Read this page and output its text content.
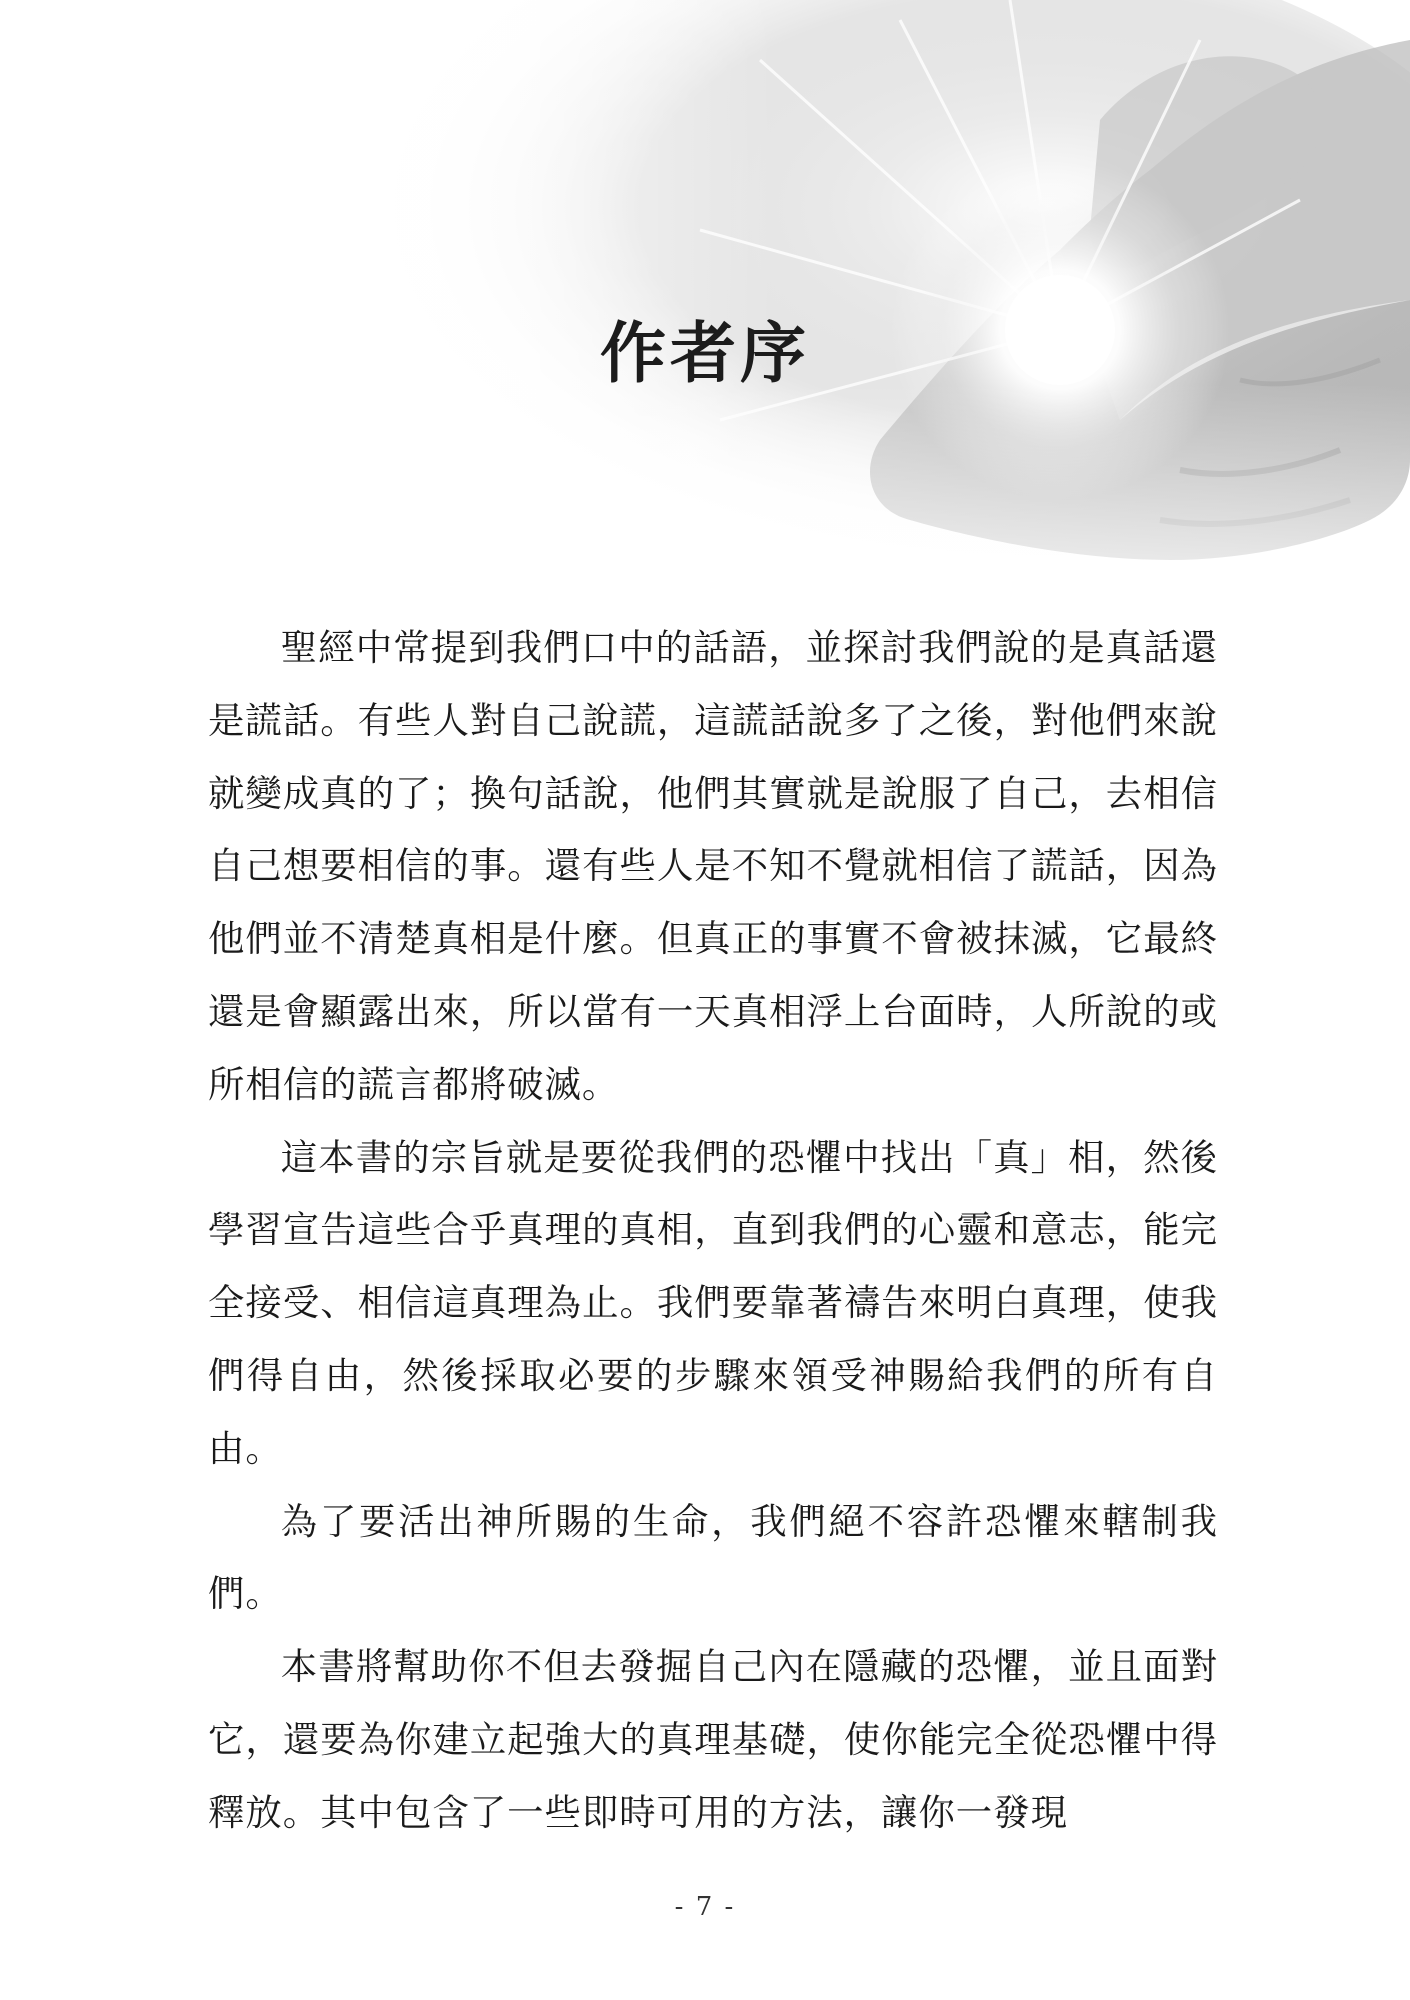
作者序

聖經中常提到我們口中的話語，並探討我們說的是真話還是謊話。有些人對自己說謊，這謊話說多了之後，對他們來說就變成真的了；換句話說，他們其實就是說服了自己，去相信自己想要相信的事。還有些人是不知不覺就相信了謊話，因為他們並不清楚真相是什麼。但真正的事實不會被抹滅，它最終還是會顯露出來，所以當有一天真相浮上台面時，人所說的或所相信的謊言都將破滅。

這本書的宗旨就是要從我們的恐懼中找出「真」相，然後學習宣告這些合乎真理的真相，直到我們的心靈和意志，能完全接受、相信這真理為止。我們要靠著禱告來明白真理，使我們得自由，然後採取必要的步驟來領受神賜給我們的所有自由。

為了要活出神所賜的生命，我們絕不容許恐懼來轄制我們。

本書將幫助你不但去發掘自己內在隱藏的恐懼，並且面對它，還要為你建立起強大的真理基礎，使你能完全從恐懼中得釋放。其中包含了一些即時可用的方法，讓你一發現

- 7 -
